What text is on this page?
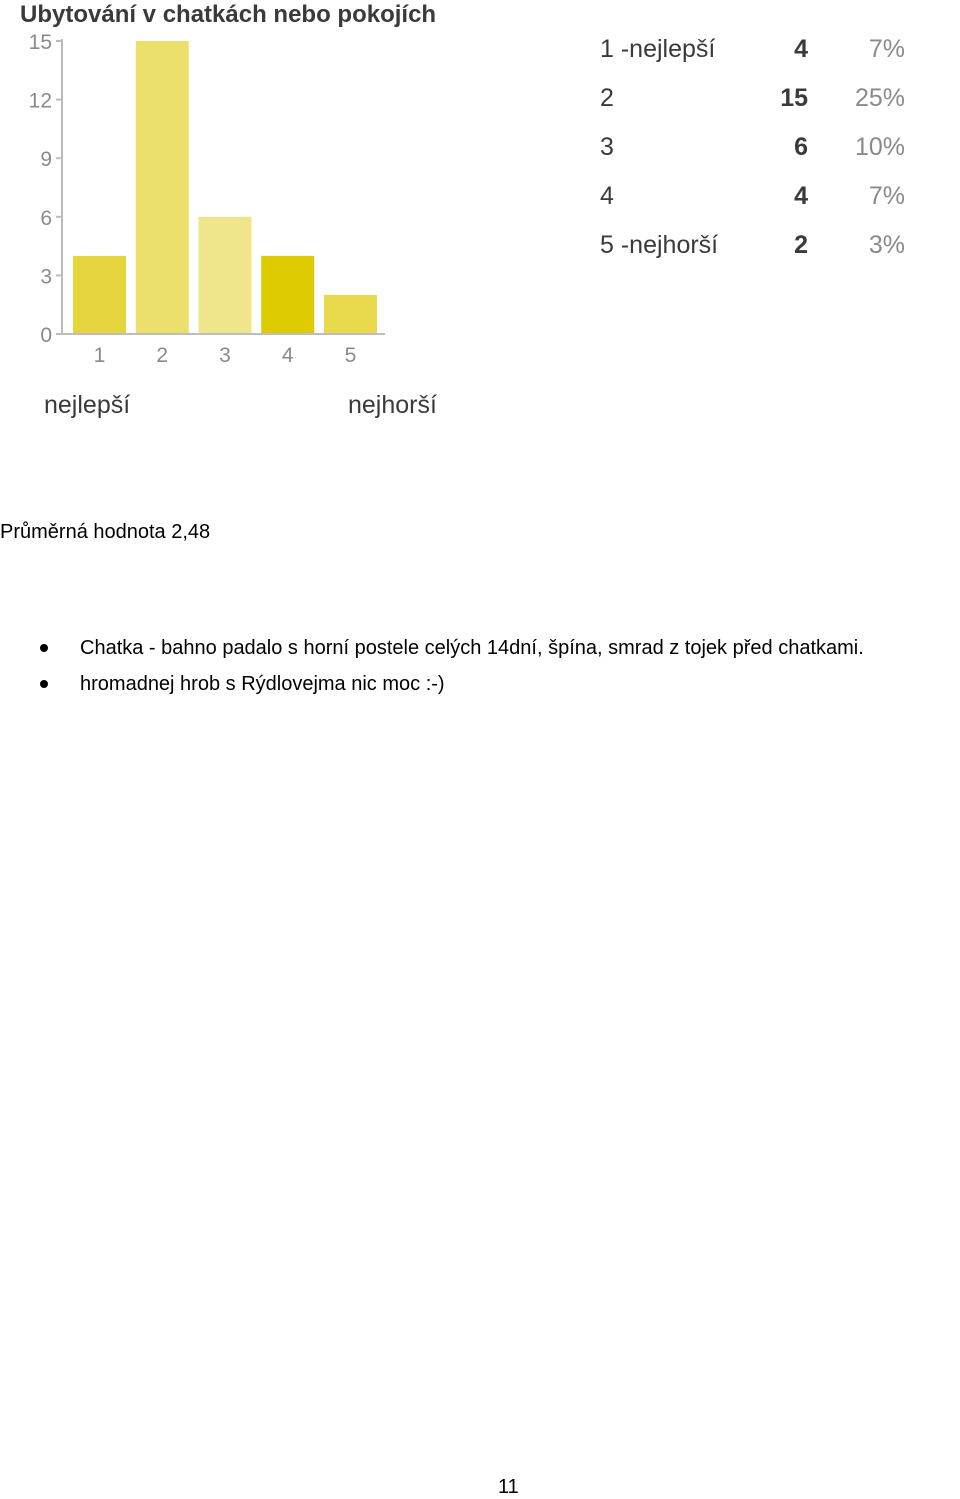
Ubytování v chatkách nebo pokojích
0
3
6
9
12
15
1 2 3 4 5
nejlepší	nejhorší
1 -nejlepší	4 7%
2	15 25%
3	6 10%
4	4 7%
5 -nejhorší	2 3%
Průměrná hodnota 2,48
Chatka - bahno padalo s horní postele celých 14dní, špína, smrad z tojek před chatkami.
hromadnej hrob s Rýdlovejma nic moc :-)
11
